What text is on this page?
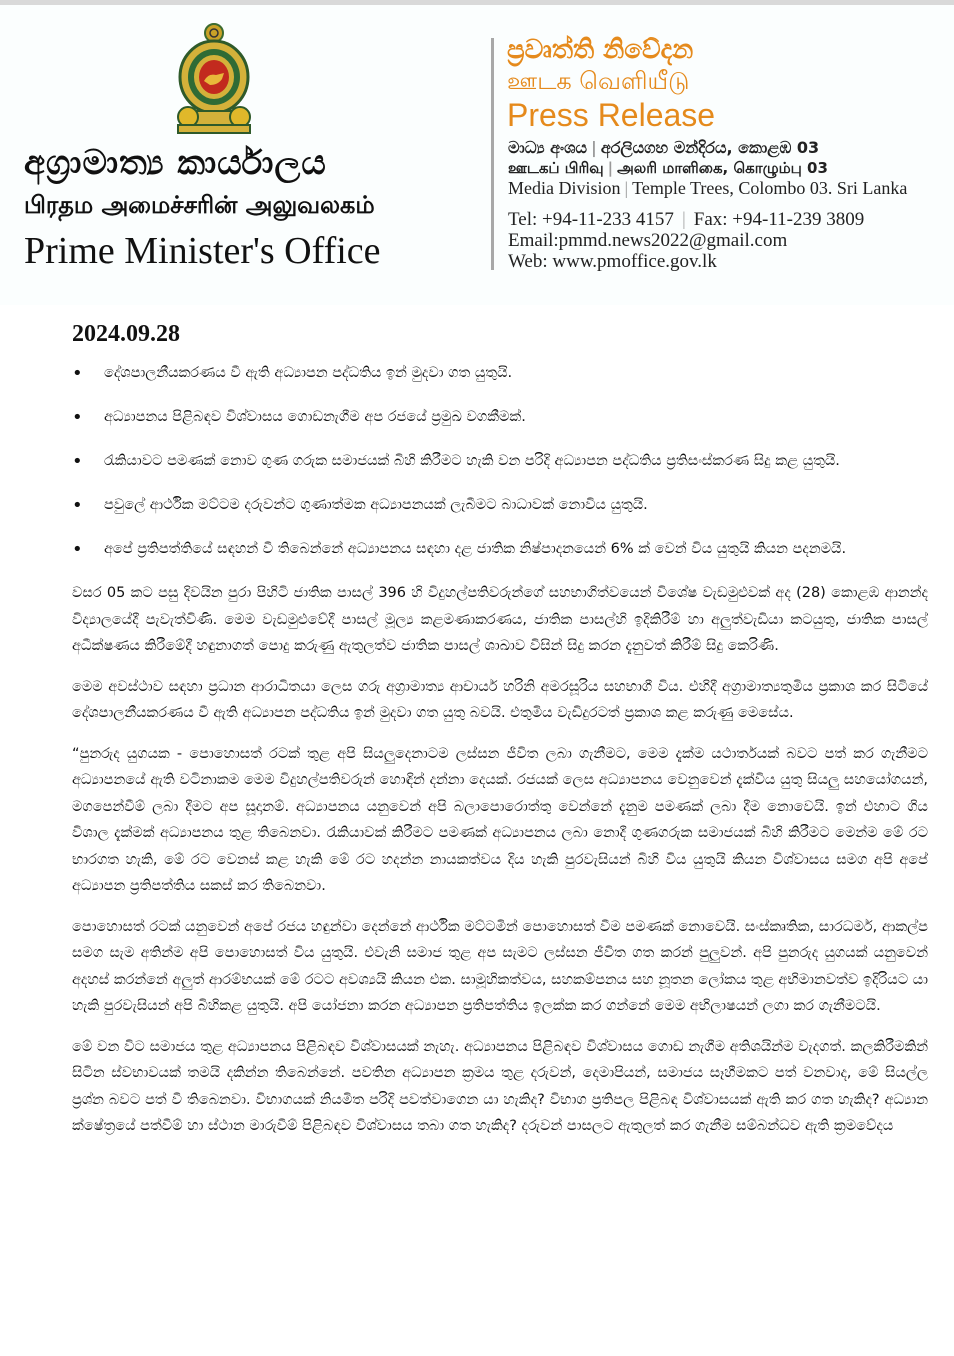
අග්‍රාමාත්‍ය කාර්යාලය
பிரதம அமைச்சரின் அலுவலகம்
Prime Minister's Office
ප්‍රවෘත්ති නිවේදන
ஊடக வெளியீடு
Press Release
මාධ්‍ය අංශය | අරලියගහ මන්දිරය, කොළඹ 03
ஊடகப் பிரிவு | அலரி மாளிகை, கொழும்பு 03
Media Division | Temple Trees, Colombo 03. Sri Lanka
Tel: +94-11-233 4157 | Fax: +94-11-239 3809
Email:pmmd.news2022@gmail.com
Web: www.pmoffice.gov.lk
2024.09.28
• දේශපාලනීයකරණය වී ඇති අධ්‍යාපන පද්ධතිය ඉන් මුදවා ගත යුතුයි.
• අධ්‍යාපනය පිළිබඳව විශ්වාසය ගොඩනැගීම අප රජයේ ප්‍රමුඛ වගකීමක්.
• රැකියාවට පමණක් නොව ගුණ ගරුක සමාජයක් බිහි කිරීමට හැකි වන පරිදි අධ්‍යාපන පද්ධතිය ප්‍රතිසංස්කරණ සිදු කළ යුතුයි.
• පවුලේ ආර්ථික මට්ටම දරුවන්ට ගුණාත්මක අධ්‍යාපනයක් ලැබීමට බාධාවක් නොවිය යුතුයි.
• අපේ ප්‍රතිපත්තියේ සඳහන් වී තිබෙන්නේ අධ්‍යාපනය සඳහා දළ ජාතික නිෂ්පාදනයෙන් 6% ක් වෙන් විය යුතුයි කියන පදනමයි.

වසර 05 කට පසු දිවයින පුරා පිහිටි ජාතික පාසල් 396 හි විදුහල්පතිවරුන්ගේ සහභාගිත්වයෙන් විශේෂ වැඩමුළුවක් අද (28) කොළඹ ආනන්ද විද්‍යාලයේදී පැවැත්විණි. මෙම වැඩමුළුවේදී පාසල් මූල්‍ය කළමණාකරණය, ජාතික පාසල්හි ඉදිකිරීම් හා අලුත්වැඩියා කටයුතු, ජාතික පාසල් අධීක්ෂණය කිරීමේදී හඳුනාගත් පොදු කරුණු ඇතුලත්ව ජාතික පාසල් ශාඛාව විසින් සිදු කරන දැනුවත් කිරීම් සිදු කෙරිණි.

මෙම අවස්ථාව සඳහා ප්‍රධාන ආරාධිතයා ලෙස ගරු අග්‍රාමාත්‍ය ආචාර්ය හරිනි අමරසූරිය සහභාගී විය. එහිදී අග්‍රාමාත්‍යතුමිය ප්‍රකාශ කර සිටියේ දේශපාලනීයකරණය වී ඇති අධ්‍යාපන පද්ධතිය ඉන් මුදවා ගත යුතු බවයි. එතුමිය වැඩිදුරටත් ප්‍රකාශ කළ කරුණු මෙසේය.

“පුනරුද යුගයක - පොහොසත් රටක් තුළ අපි සියලුදෙනාටම ලස්සන ජීවිත ලබා ගැනීමට, මෙම දැක්ම යථාර්තයක් බවට පත් කර ගැනීමට අධ්‍යාපනයේ ඇති වටිනාකම මෙම විදුහල්පතිවරුන් හොඳින් දන්නා දෙයක්. රජයක් ලෙස අධ්‍යාපනය වෙනුවෙන් දැක්විය යුතු සියලු සහයෝගයන්, මගපෙන්වීම් ලබා දීමට අප සූදානම්. අධ්‍යාපනය යනුවෙන් අපි බලාපොරොත්තු වෙන්නේ දැනුම පමණක් ලබා දීම නොවෙයි. ඉන් එහාට ගිය විශාල දැක්මක් අධ්‍යාපනය තුළ තිබෙනවා. රැකියාවක් කිරීමට පමණක් අධ්‍යාපනය ලබා නොදී ගුණගරුක සමාජයක් බිහි කිරීමට මෙන්ම මේ රට භාරගත හැකි, මේ රට වෙනස් කළ හැකි මේ රට හදන්න නායකත්වය දිය හැකි පුරවැසියන් බිහි විය යුතුයි කියන විශ්වාසය සමග අපි අපේ අධ්‍යාපන ප්‍රතිපත්තිය සකස් කර තිබෙනවා.

පොහොසත් රටක් යනුවෙන් අපේ රජය හඳුන්වා දෙන්නේ ආර්ථික මට්ටමින් පොහොසත් වීම පමණක් නොවෙයි. සංස්කෘතික, සාරධර්ම, ආකල්ප සමග සැම අතින්ම අපි පොහොසත් විය යුතුයි. එවැනි සමාජ තුළ අප සැමට ලස්සන ජීවිත ගත කරන් පුලුවන්. අපි පුනරුද යුගයක් යනුවෙන් අදහස් කරන්නේ අලුත් ආරම්භයක් මේ රටට අවශ්‍යයි කියන එක. සාමූහිකත්වය, සහකම්පනය සහ නූතන ලෝකය තුළ අභිමානවත්ව ඉදිරියට යා හැකි පුරවැසියන් අපි බිහිකළ යුතුයි. අපි යෝජනා කරන අධ්‍යාපන ප්‍රතිපත්තිය ඉලක්ක කර ගන්නේ මෙම අභිලාෂයන් ලගා කර ගැනීමටයි.

මේ වන විට සමාජය තුළ අධ්‍යාපනය පිළිබඳව විශ්වාසයක් නැහැ. අධ්‍යාපනය පිළිබඳව විශ්වාසය ගොඩ නැගීම අතිශයින්ම වැදගත්. කලකිරීමකින් සිටින ස්වභාවයක් තමයි දකින්න තිබෙන්නේ. පවතින අධ්‍යාපන ක්‍රමය තුළ දරුවන්, දෙමාපියන්, සමාජය සෑහීමකට පත් වනවාද, මේ සියල්ල ප්‍රශ්න බවට පත් වී තිබෙනවා. විභාගයක් නියමිත පරිදි පවත්වාගෙන යා හැකිද? විභාග ප්‍රතිපල පිළිබඳ විශ්වාසයක් ඇති කර ගත හැකිද? අධ්‍යාන ක්ෂේත්‍රයේ පත්වීම් හා ස්ථාන මාරුවීම් පිළිබඳව විශ්වාසය තබා ගත හැකිද? දරුවන් පාසලට ඇතුලත් කර ගැනීම සම්බන්ධව ඇති ක්‍රමවේදය
